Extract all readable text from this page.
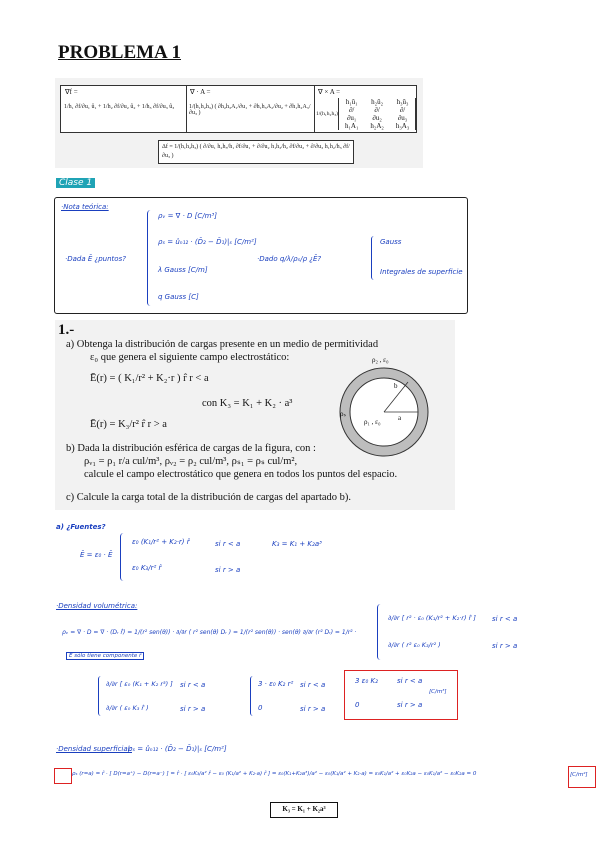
PROBLEMA 1
∇f =
1/h₁ ∂f/∂u₁ û₁ + 1/h₂ ∂f/∂u₂ û₂ + 1/h₃ ∂f/∂u₃ û₃
∇ · A =
1/(h₁h₂h₃) ( ∂h₂h₃A₁/∂u₁ + ∂h₁h₃A₂/∂u₂ + ∂h₁h₂A₃/∂u₃ )
∇ × A =
1/(h₁h₂h₃)
h₁û₁	h₂û₂	h₃û₃
∂/∂u₁	∂/∂u₂	∂/∂u₃
h₁A₁	h₂A₂	h₃A₃
Δf = 1/(h₁h₂h₃) ( ∂/∂u₁ h₂h₃/h₁ ∂f/∂u₁ + ∂/∂u₂ h₁h₃/h₂ ∂f/∂u₂ + ∂/∂u₃ h₁h₂/h₃ ∂f/∂u₃ )
Clase 1
·Nota teórica:
·Dada Ē ¿puntos?
ρᵥ = ∇ · D [C/m³]
ρₛ = ûₙ₁₂ · (D̄₂ − D̄₁)|ₛ [C/m²]
λ Gauss [C/m]
q Gauss [C]
·Dado q/λ/ρₛ/ρ ¿Ē?
Gauss
Integrales de superficie
1.-
a) Obtenga la distribución de cargas presente en un medio de permitividad
ε₀ que genera el siguiente campo electrostático:
Ē(r) = ( K₁/r² + K₂·r ) r̂ r < a
con K₃ = K₁ + K₂ · a³
Ē(r) = K₃/r² r̂ r > a
b) Dada la distribución esférica de cargas de la figura, con :
ρᵥ₁ = ρ₁ r/a cul/m³, ρᵥ₂ = ρ₂ cul/m³, ρₛ₁ = ρₛ cul/m²,
calcule el campo electrostático que genera en todos los puntos del espacio.
c) Calcule la carga total de la distribución de cargas del apartado b).
ρ₂ , ε₀
b
ρₛ
ρ₁ , ε₀ a
a) ¿Fuentes?
Ē = ε₀ · Ē
ε₀ (K₁/r² + K₂·r) r̂
ε₀ K₃/r² r̂
si r < a
si r > a
K₃ = K₁ + K₂a³
·Densidad volumétrica:
ρᵥ = ∇ · D = ∇ · (Dᵣ r̂) = 1/(r² sen(θ)) · ∂/∂r ( r² sen(θ) Dᵣ ) = 1/(r² sen(θ)) · sen(θ) ∂/∂r (r² Dᵣ) = 1/r² ·
∂/∂r [ r² · ε₀ (K₁/r² + K₂·r) r̂ ]
∂/∂r ( r² ε₀ K₃/r² )
si r < a
si r > a
Ē sólo tiene componente r̂
∂/∂r [ ε₀ (K₁ + K₂ r³) ]
∂/∂r ( ε₀ K₃ r̂ )
si r < a
si r > a
3 · ε₀ K₂ r²
0
si r < a
si r > a
3 ε₀ K₂
0
si r < a
si r > a
[C/m³]
·Densidad superficial:
ρₛ = ûₙ₁₂ · (D̄₂ − D̄₁)|ₛ [C/m²]
ρₛ (r=a) = r̂ · [ D(r=a⁺) − D(r=a⁻) ] = r̂ · [ ε₀K₃/a² r̂ − ε₀ (K₁/a² + K₂·a) r̂ ] = ε₀(K₁+K₂a³)/a² − ε₀(K₁/a² + K₂·a) = ε₀K₁/a² + ε₀K₂a − ε₀K₁/a² − ε₀K₂a = 0	[C/m²]
K₃ = K₁ + K₂a³
